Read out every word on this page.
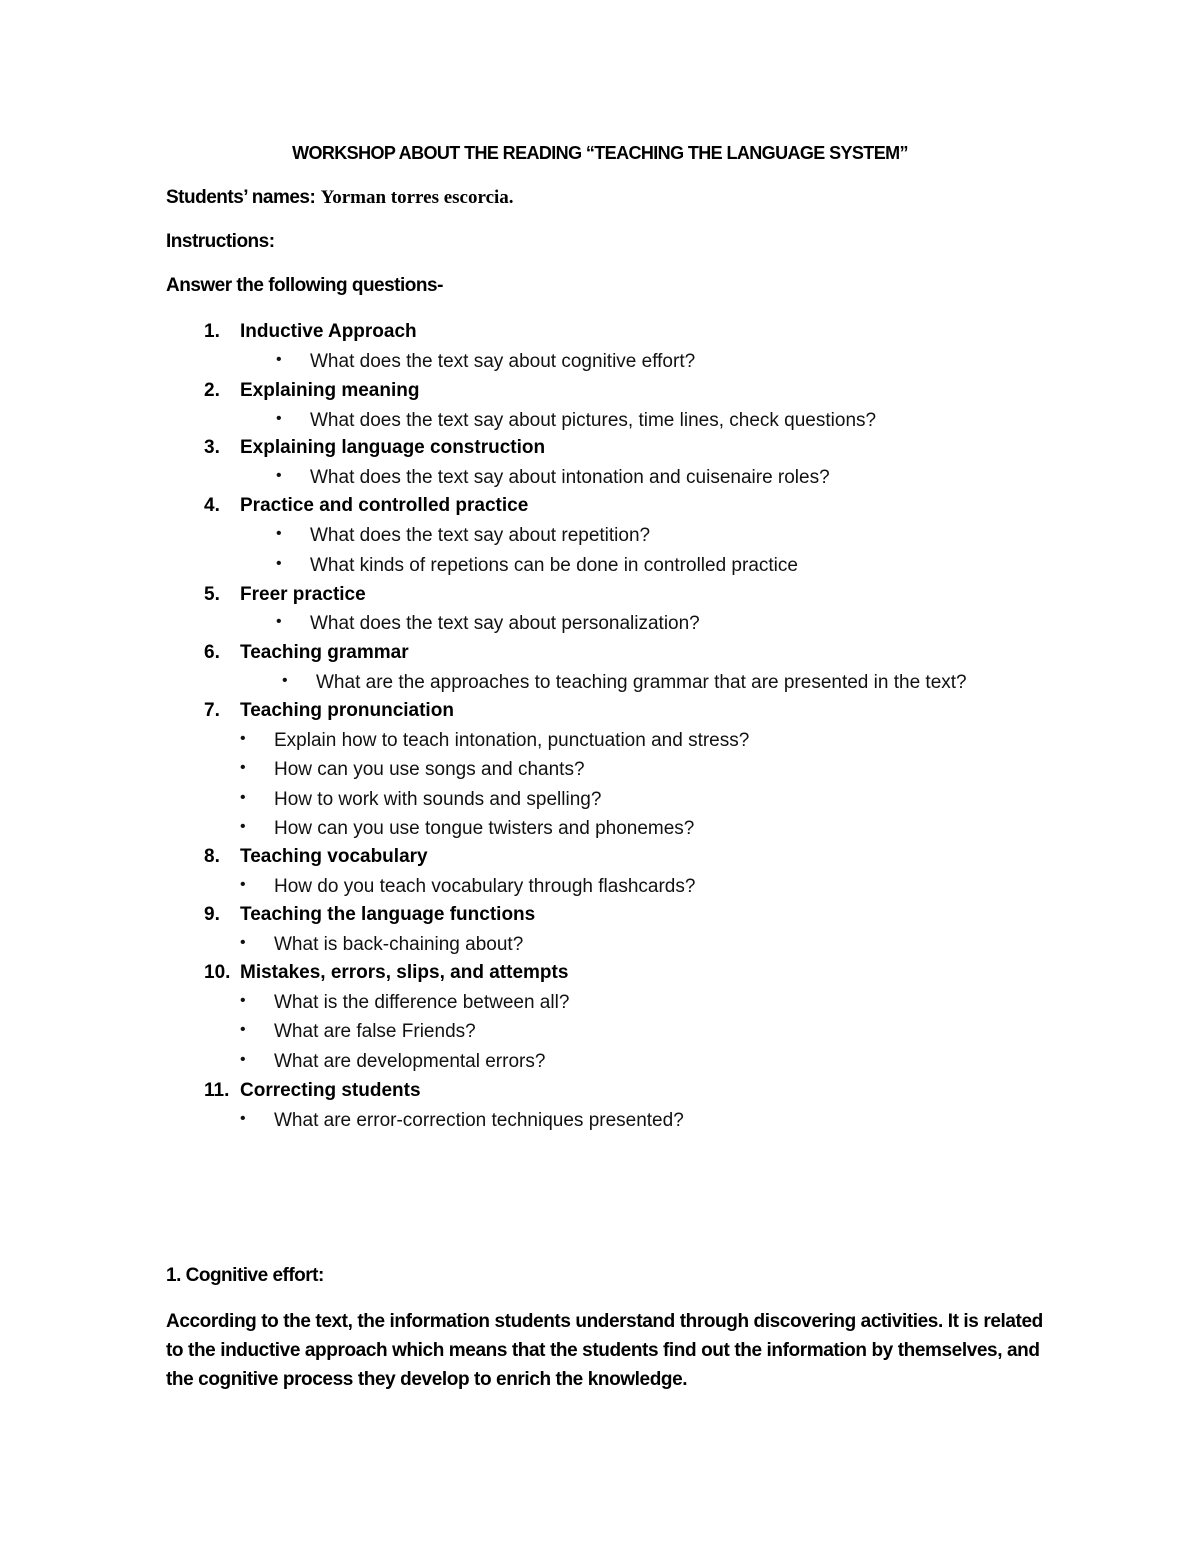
WORKSHOP ABOUT THE READING “TEACHING THE LANGUAGE SYSTEM”
Students’ names: Yorman torres escorcia.
Instructions:
Answer the following questions-
1. Inductive Approach
• What does the text say about cognitive effort?
2. Explaining meaning
• What does the text say about pictures, time lines, check questions?
3. Explaining language construction
• What does the text say about intonation and cuisenaire roles?
4. Practice and controlled practice
• What does the text say about repetition?
• What kinds of repetions can be done in controlled practice
5. Freer practice
• What does the text say about personalization?
6. Teaching grammar
• What are the approaches to teaching grammar that are presented in the text?
7. Teaching pronunciation
• Explain how to teach intonation, punctuation and stress?
• How can you use songs and chants?
• How to work with sounds and spelling?
• How can you use tongue twisters and phonemes?
8. Teaching vocabulary
• How do you teach vocabulary through flashcards?
9. Teaching the language functions
• What is back-chaining about?
10. Mistakes, errors, slips, and attempts
• What is the difference between all?
• What are false Friends?
• What are developmental errors?
11. Correcting students
• What are error-correction techniques presented?
1. Cognitive effort:
According to the text, the information students understand through discovering activities. It is related to the inductive approach which means that the students find out the information by themselves, and the cognitive process they develop to enrich the knowledge.
